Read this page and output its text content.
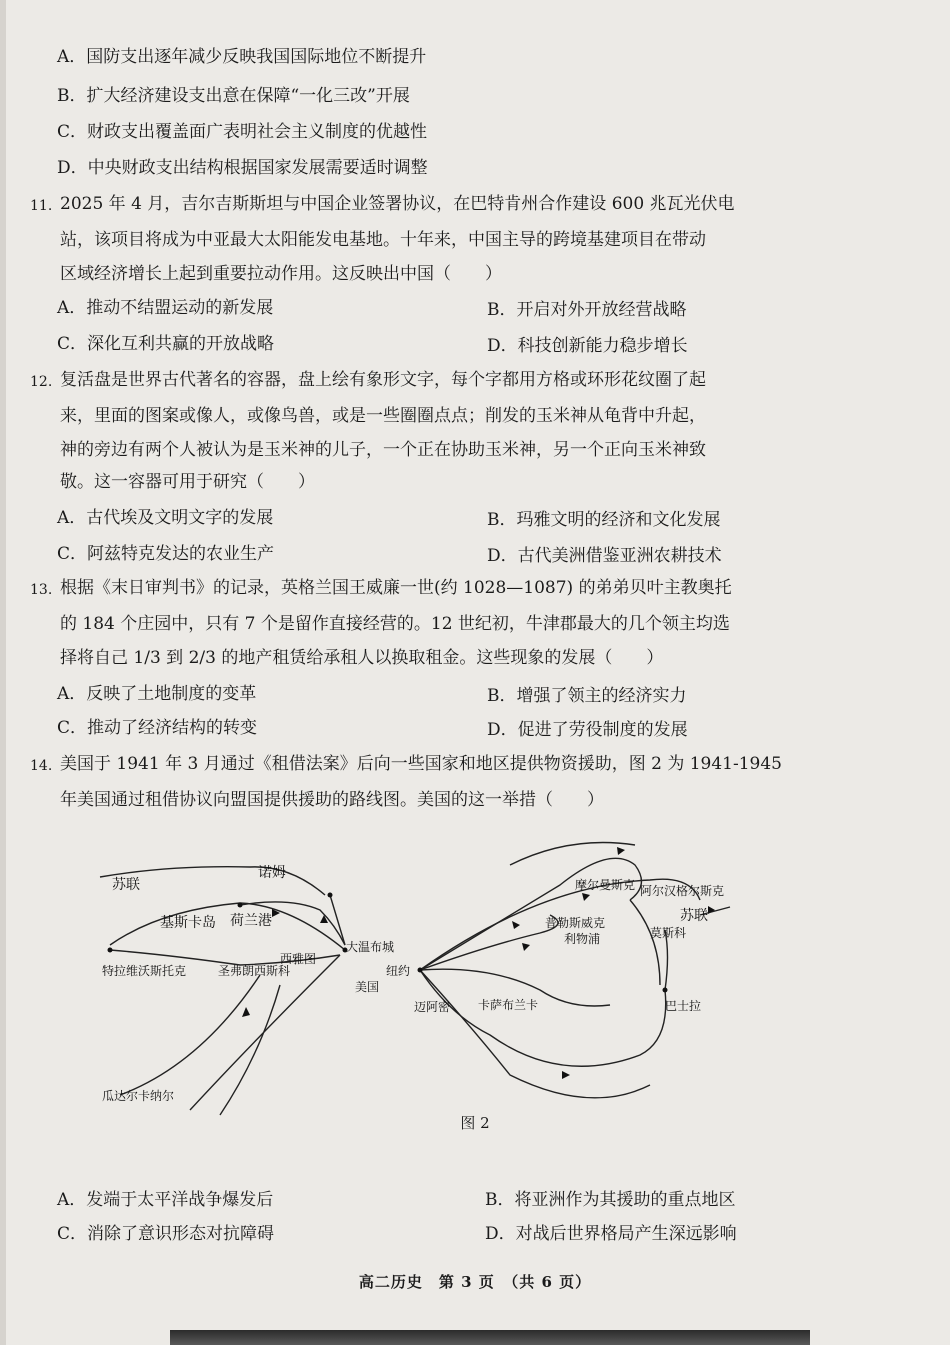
A．国防支出逐年减少反映我国国际地位不断提升
B．扩大经济建设支出意在保障“一化三改”开展
C．财政支出覆盖面广表明社会主义制度的优越性
D．中央财政支出结构根据国家发展需要适时调整
11. 2025 年 4 月，吉尔吉斯斯坦与中国企业签署协议，在巴特肯州合作建设 600 兆瓦光伏电
站，该项目将成为中亚最大太阳能发电基地。十年来，中国主导的跨境基建项目在带动
区域经济增长上起到重要拉动作用。这反映出中国（　　）
A．推动不结盟运动的新发展	B．开启对外开放经营战略
C．深化互利共赢的开放战略	D．科技创新能力稳步增长
12. 复活盘是世界古代著名的容器，盘上绘有象形文字，每个字都用方格或环形花纹圈了起
来，里面的图案或像人，或像鸟兽，或是一些圈圈点点；削发的玉米神从龟背中升起，
神的旁边有两个人被认为是玉米神的儿子，一个正在协助玉米神，另一个正向玉米神致
敬。这一容器可用于研究（　　）
A．古代埃及文明文字的发展	B．玛雅文明的经济和文化发展
C．阿兹特克发达的农业生产	D．古代美洲借鉴亚洲农耕技术
13. 根据《末日审判书》的记录，英格兰国王威廉一世(约 1028—1087) 的弟弟贝叶主教奥托
的 184 个庄园中，只有 7 个是留作直接经营的。12 世纪初，牛津郡最大的几个领主均选
择将自己 1/3 到 2/3 的地产租赁给承租人以换取租金。这些现象的发展（　　）
A．反映了土地制度的变革	B．增强了领主的经济实力
C．推动了经济结构的转变	D．促进了劳役制度的发展
14. 美国于 1941 年 3 月通过《租借法案》后向一些国家和地区提供物资援助，图 2 为 1941-1945
年美国通过租借协议向盟国提供援助的路线图。美国的这一举措（　　）
苏联
诺姆
基斯卡岛 荷兰港
西雅图
大温布城
特拉维沃斯托克	圣弗朗西斯科
美国
纽约
瓜达尔卡纳尔
摩尔曼斯克 阿尔汉格尔斯克
苏联
莫斯科
普勒斯威克
利物浦
迈阿密 卡萨布兰卡	巴士拉
图 2
A．发端于太平洋战争爆发后	B．将亚洲作为其援助的重点地区
C．消除了意识形态对抗障碍	D．对战后世界格局产生深远影响
高二历史　第 3 页　（共 6 页）
